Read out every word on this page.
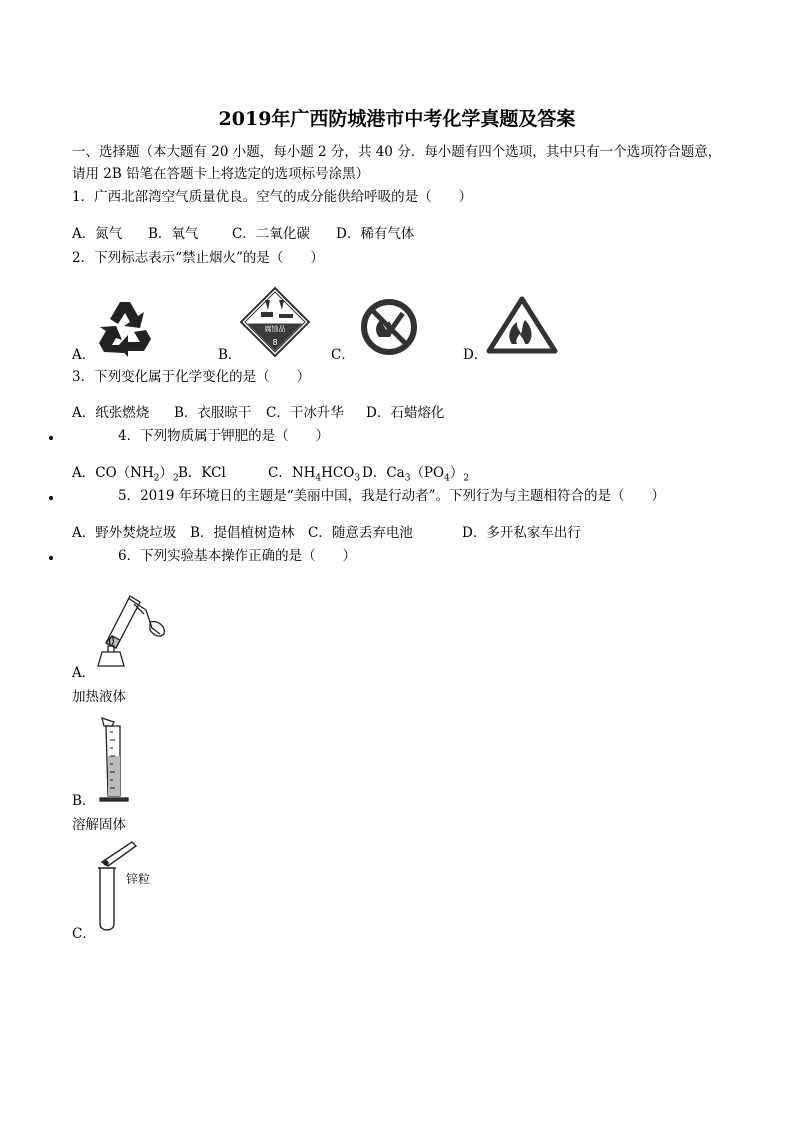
2019年广西防城港市中考化学真题及答案
一、选择题（本大题有 20 小题，每小题 2 分，共 40 分．每小题有四个选项，其中只有一个选项符合题意，
请用 2B 铅笔在答题卡上将选定的选项标号涂黑）
1．广西北部湾空气质量优良。空气的成分能供给呼吸的是（　　）
A．氮气 B．氧气 C．二氧化碳 D．稀有气体
2．下列标志表示“禁止烟火”的是（　　）
A．	B．
腐蚀品
8
C．	D．
3．下列变化属于化学变化的是（　　）
A．纸张燃烧 B．衣服晾干 C．干冰升华 D．石蜡熔化
4．下列物质属于钾肥的是（　　）
A．$CO(NH_2)_2$ B．KCl	C．$NH_4HCO_3$ D．$Ca_3(PO_4)_2$
5．2019 年环境日的主题是“美丽中国，我是行动者”。下列行为与主题相符合的是（　　）
A．野外焚烧垃圾 B．提倡植树造林 C．随意丢弃电池	D．多开私家车出行
6．下列实验基本操作正确的是（　　）
A．
加热液体
B．
溶解固体
锌粒
C．
